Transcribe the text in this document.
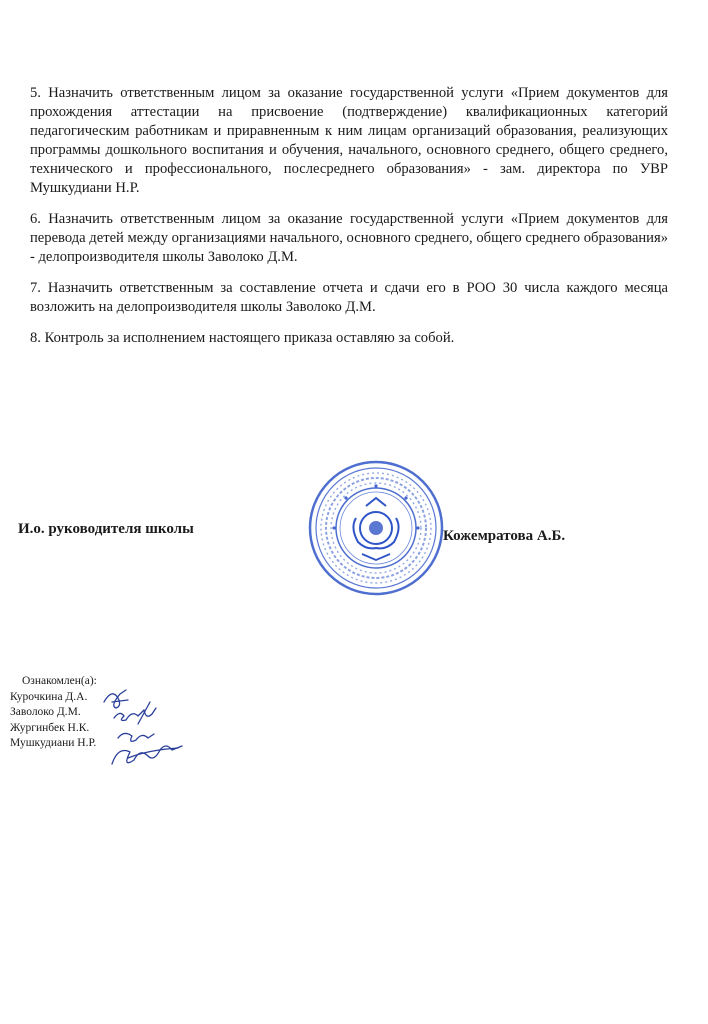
5. Назначить ответственным лицом за оказание государственной услуги «Прием документов для прохождения аттестации на присвоение (подтверждение) квалификационных категорий педагогическим работникам и приравненным к ним лицам организаций образования, реализующих программы дошкольного воспитания и обучения, начального, основного среднего, общего среднего, технического и профессионального, послесреднего образования» - зам. директора по УВР Мушкудиани Н.Р.

6. Назначить ответственным лицом за оказание государственной услуги «Прием документов для перевода детей между организациями начального, основного среднего, общего среднего образования» - делопроизводителя школы Заволоко Д.М.

7. Назначить ответственным за составление отчета и сдачи его в РОО 30 числа каждого месяца возложить на делопроизводителя школы Заволоко Д.М.

8. Контроль за исполнением настоящего приказа оставляю за собой.

И.о. руководителя школы	Кожемратова А.Б.
Ознакомлен(а):
Курочкина Д.А.
Заволоко Д.М.
Жургинбек Н.К.
Мушкудиани Н.Р.
